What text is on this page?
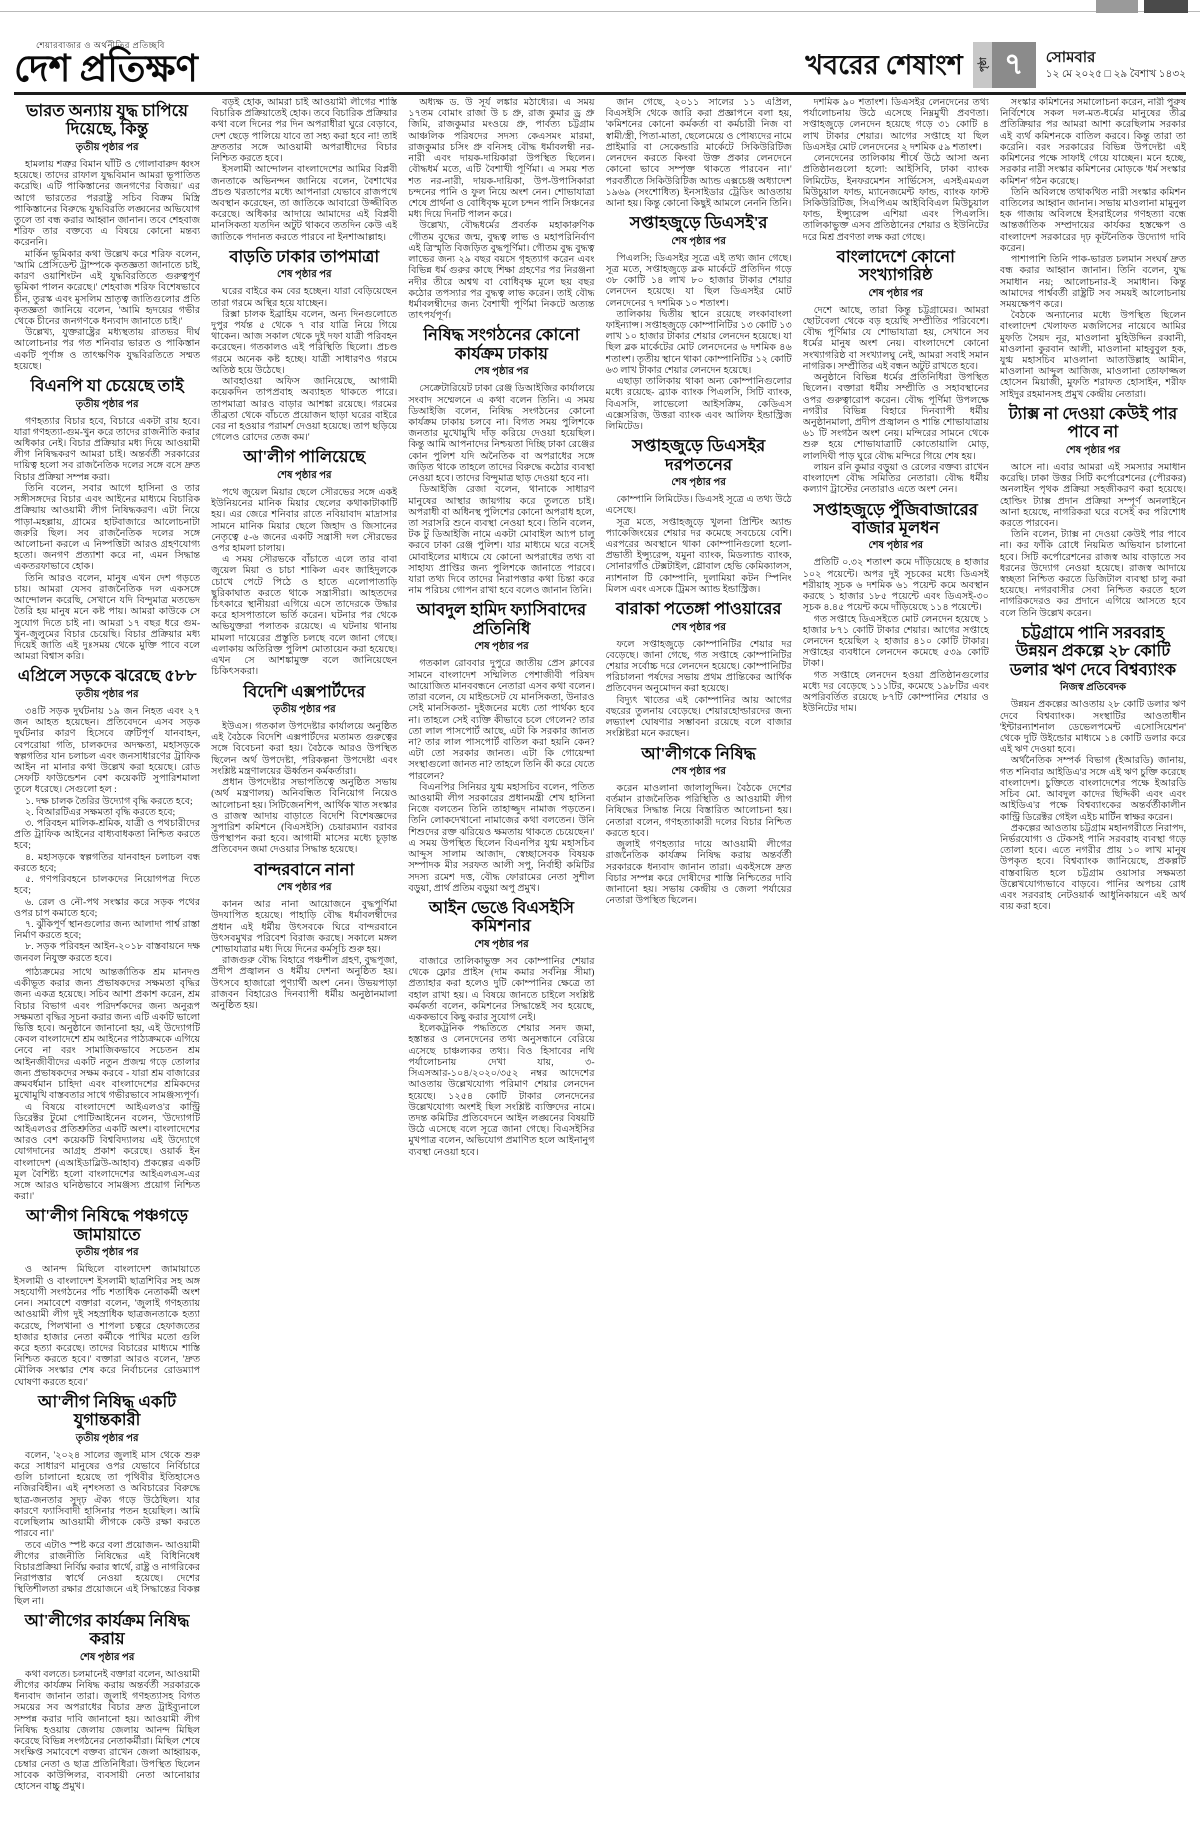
শেয়ারবাজার ও অর্থনীতির প্রতিচ্ছবি
দেশ প্রতিক্ষণ	খবরের শেষাংশ	পৃষ্ঠা ৭	সোমবার
১২ মে ২০২৫ □ ২৯ বৈশাখ ১৪৩২
ভারত অন্যায় যুদ্ধ চাপিয়ে দিয়েছে, কিন্তু
তৃতীয় পৃষ্ঠার পর

হামলায় শত্রুর বিমান ঘাঁটি ও গোলাবারুদ ধ্বংস হয়েছে। তাদের রাফাল যুদ্ধবিমান আমরা ভূপাতিত করেছি। এটি পাকিস্তানের জনগণের বিজয়।' এর আগে ভারতের পররাষ্ট্র সচিব বিক্রম মিস্ত্রি পাকিস্তানের বিরুদ্ধে যুদ্ধবিরতি লঙ্ঘনের অভিযোগ তুলে তা বন্ধ করার আহ্বান জানান। তবে শেহবাজ শরিফ তার বক্তব্যে এ বিষয়ে কোনো মন্তব্য করেননি।

মার্কিন ভূমিকার কথা উল্লেখ করে শরিফ বলেন, 'আমি প্রেসিডেন্ট ট্রাম্পকে কৃতজ্ঞতা জানাতে চাই, কারণ ওয়াশিংটন এই যুদ্ধবিরতিতে গুরুত্বপূর্ণ ভূমিকা পালন করেছে।' শেহবাজ শরিফ বিশেষভাবে চীন, তুরস্ক এবং মুসলিম ভ্রাতৃত্ব জাতিগুলোর প্রতি কৃতজ্ঞতা জানিয়ে বলেন, 'আমি হৃদয়ের গভীর থেকে চীনের জনগণকে ধন্যবাদ জানাতে চাই।'

উল্লেখ্য, যুক্তরাষ্ট্রের মধ্যস্থতায় রাতভর দীর্ঘ আলোচনার পর গত শনিবার ভারত ও পাকিস্তান একটি পূর্ণাঙ্গ ও তাৎক্ষণিক যুদ্ধবিরতিতে সম্মত হয়েছে।

বিএনপি যা চেয়েছে তাই
তৃতীয় পৃষ্ঠার পর

গণহত্যার বিচার হবে, বিচারে একটা রায় হবে। যারা গণহত্যা-গুম-খুন করে তাদের রাজনীতি করার অধিকার নেই। বিচার প্রক্রিয়ার মধ্য দিয়ে আওয়ামী লীগ নিষিদ্ধকরণ আমরা চাই। অন্তর্বর্তী সরকারের দায়িত্ব হলো সব রাজনৈতিক দলের সঙ্গে বসে দ্রুত বিচার প্রক্রিয়া সম্পন্ন করা।

তিনি বলেন, সবার আগে হাসিনা ও তার সঙ্গীসঙ্গদের বিচার এবং আইনের মাধ্যমে বিচারিক প্রক্রিয়ায় আওয়ামী লীগ নিষিদ্ধকরণ। এটা নিয়ে পাড়া-মহল্লায়, গ্রামের হাটবাজারে আলোচনাটা জরুরি ছিল। সব রাজনৈতিক দলের সঙ্গে আলোচনা করলে এ নিষ্পত্তিটা আরও গ্রহণযোগ্য হতো। জনগণ প্রত্যাশা করে না, এমন সিদ্ধান্ত একতরফাভাবে হোক।

তিনি আরও বলেন, মানুষ এখন দেশ গড়তে চায়। আমরা যেসব রাজনৈতিক দল একসঙ্গে আন্দোলন করেছি, সেখানে যদি বিন্দুমাত্র মতভেদ তৈরি হয় মানুষ মনে কষ্ট পায়। আমরা কাউকে সে সুযোগ দিতে চাই না। আমরা ১৭ বছর ধরে গুম-খুন-জুলুমের বিচার চেয়েছি। বিচার প্রক্রিয়ার মধ্য দিয়েই জাতি এই দুঃসময় থেকে মুক্তি পাবে বলে আমরা বিশ্বাস করি।

এপ্রিলে সড়কে ঝরেছে ৫৮৮
তৃতীয় পৃষ্ঠার পর

৩৪টি সড়ক দুর্ঘটনায় ১৯ জন নিহত এবং ২৭ জন আহত হয়েছেন। প্রতিবেদনে এসব সড়ক দুর্ঘটনার কারণ হিসেবে ত্রুটিপূর্ণ যানবাহন, বেপরোয়া গতি, চালকদের অদক্ষতা, মহাসড়কে স্বল্পগতির যান চলাচল এবং জনসাধারণের ট্রাফিক আইন না মানার কথা উল্লেখ করা হয়েছে। রোড সেফটি ফাউন্ডেশন বেশ কয়েকটি সুপারিশমালা তুলে ধরেছে। সেগুলো হল :

১. দক্ষ চালক তৈরির উদ্যোগ বৃদ্ধি করতে হবে;

২. বিআরটিএর সক্ষমতা বৃদ্ধি করতে হবে;

৩. পরিবহন মালিক-শ্রমিক, যাত্রী ও পথচারীদের প্রতি ট্রাফিক আইনের বাধ্যবাধকতা নিশ্চিত করতে হবে;

৪. মহাসড়কে স্বল্পগতির যানবাহন চলাচল বন্ধ করতে হবে;

৫. গণপরিবহনে চালকদের নিয়োগপত্র দিতে হবে;

৬. রেল ও নৌ-পথ সংস্কার করে সড়ক পথের ওপর চাপ কমাতে হবে;

৭. ঝুঁকিপূর্ণ স্থানগুলোর জন্য আলাদা পার্শ্ব রাস্তা নির্মাণ করতে হবে;

৮. সড়ক পরিবহন আইন-২০১৮ বাস্তবায়নে দক্ষ জনবল নিযুক্ত করতে হবে।

পাঠ্যক্রমের সাথে আন্তর্জাতিক শ্রম মানদণ্ড একীভূত করার জন্য প্রভাষকদের সক্ষমতা বৃদ্ধির জন্য একত্র হয়েছে। সচিব আশা প্রকাশ করেন, শ্রম বিচার বিভাগ এবং পরিদর্শকদের জন্য অনুরূপ সক্ষমতা বৃদ্ধির সূচনা করার জন্য এটি একটি ভালো ভিত্তি হবে। অনুষ্ঠানে জানানো হয়, এই উদ্যোগটি কেবল বাংলাদেশে শ্রম আইনের পাঠ্যক্রমকে এগিয়ে নেবে না বরং সামাজিকভাবে সচেতন শ্রম আইনজীবীদের একটি নতুন প্রজন্ম গড়ে তোলার জন্য প্রভাষকদের সক্ষম করবে - যারা শ্রম বাজারের ক্রমবর্ধমান চাহিদা এবং বাংলাদেশের শ্রমিকদের মুখোমুখি বাস্তবতার সাথে গভীরভাবে সামঞ্জস্যপূর্ণ।

এ বিষয়ে বাংলাদেশে আইএলও'র কান্ট্রি ডিরেক্টর টুমো পোটিআইনেন বলেন, 'উদ্যোগটি আইএলওর প্রতিশ্রুতির একটি অংশ। বাংলাদেশের আরও বেশ কয়েকটি বিশ্ববিদ্যালয় এই উদ্যোগে যোগদানের আগ্রহ প্রকাশ করেছে। ওয়ার্ক ইন বাংলাদেশ (এআইডাব্লিউ-আহাব) প্রকল্পের একটি মূল বৈশিষ্ট্য হলো বাংলাদেশের আইএলএস-এর সঙ্গে আরও ঘনিষ্ঠভাবে সামঞ্জস্য প্রয়োগ নিশ্চিত করা।'

আ'লীগ নিষিদ্ধে পঞ্চগড়ে জামায়াতে
তৃতীয় পৃষ্ঠার পর

ও আনন্দ মিছিলে বাংলাদেশ জামায়াতে ইসলামী ও বাংলাদেশ ইসলামী ছাত্রশিবির সহ অঙ্গ সহযোগী সংগঠনের পাঁচ শতাধিক নেতাকর্মী অংশ নেন। সমাবেশে বক্তারা বলেন, 'জুলাই গণহত্যায় আওয়ামী লীগ দুই সহস্রাধিক ছাত্রজনতাকে হত্যা করেছে, পিলখানা ও শাপলা চত্বরে হেফাজতের হাজার হাজার নেতা কর্মীকে পাখির মতো গুলি করে হত্যা করেছে। তাদের বিচারের মাধ্যমে শাস্তি নিশ্চিত করতে হবে।' বক্তারা আরও বলেন, 'দ্রুত মৌলিক সংস্কার শেষ করে নির্বাচনের রোডম্যাপ ঘোষণা করতে হবে।'

আ'লীগ নিষিদ্ধ একটি যুগান্তকারী
তৃতীয় পৃষ্ঠার পর

বলেন, '২০২৪ সালের জুলাই মাস থেকে শুরু করে সাধারণ মানুষের ওপর যেভাবে নির্বিচারে গুলি চালানো হয়েছে তা পৃথিবীর ইতিহাসেও নজিরবিহীন। এই নৃশংসতা ও অবিচারের বিরুদ্ধে ছাত্র-জনতার সুদৃঢ় ঐক্য গড়ে উঠেছিল। যার কারণে ফ্যাসিবাদী হাসিনার পতন হয়েছিল। আমি বলেছিলাম আওয়ামী লীগকে কেউ রক্ষা করতে পারবে না।'

তবে এটাও স্পষ্ট করে বলা প্রয়োজন- আওয়ামী লীগের রাজনীতি নিষিদ্ধের এই বিধিনিষেধ বিচারপ্রক্রিয়া নির্বিঘ্ন করার স্বার্থে, রাষ্ট্র ও নাগরিকের নিরাপত্তার স্বার্থে নেওয়া হয়েছে। দেশের স্থিতিশীলতা রক্ষার প্রয়োজনে এই সিদ্ধান্তের বিকল্প ছিল না।

আ'লীগের কার্যক্রম নিষিদ্ধ করায়
শেষ পৃষ্ঠার পর

কথা বলতে। চলমানেই বক্তারা বলেন, আওয়ামী লীগের কার্যক্রম নিষিদ্ধ করায় অন্তর্বর্তী সরকারকে ধন্যবাদ জানান তারা। জুলাই গণহত্যাসহ বিগত সময়ের সব অপরাধের বিচার দ্রুত ট্রাইব্যুনালে সম্পন্ন করার দাবি জানানো হয়। আওয়ামী লীগ নিষিদ্ধ হওয়ায় জেলায় জেলায় আনন্দ মিছিল করেছে বিভিন্ন সংগঠনের নেতাকর্মীরা। মিছিল শেষে সংক্ষিপ্ত সমাবেশে বক্তব্য রাখেন জেলা আহ্বায়ক, চেম্বার নেতা ও ছাত্র প্রতিনিধিরা। উপস্থিত ছিলেন সাবেক কাউন্সিলর, ব্যবসায়ী নেতা আনোয়ার হোসেন বাচ্চু প্রমুখ।

বড়ই হোক, আমরা চাই আওয়ামী লীগের শাস্তি বিচারিক প্রক্রিয়াতেই হোক। তবে বিচারিক প্রক্রিয়ার কথা বলে দিনের পর দিন অপরাধীরা ঘুরে বেড়াবে, দেশ ছেড়ে পালিয়ে যাবে তা সহ্য করা হবে না! তাই দ্রুততার সঙ্গে আওয়ামী অপরাধীদের বিচার নিশ্চিত করতে হবে।

ইসলামী আন্দোলন বাংলাদেশের আমির বিপ্লবী জনতাকে অভিনন্দন জানিয়ে বলেন, বৈশাখের প্রচণ্ড খরতাপের মধ্যে আপনারা যেভাবে রাজপথে অবস্থান করেছেন, তা জাতিকে আবারো উজ্জীবিত করেছে। অধিকার আদায়ে আমাদের এই বিপ্লবী মানসিকতা যতদিন অটুট থাকবে ততদিন কেউ এই জাতিকে পদানত করতে পারবে না ইনশাআল্লাহ।

বাড়তি ঢাকার তাপমাত্রা
শেষ পৃষ্ঠার পর

ঘরের বাইরে কম বের হচ্ছেন। যারা বেড়িয়েছেন তারা গরমে অস্থির হয়ে যাচ্ছেন।

রিক্সা চালক ইব্রাহিম বলেন, অন্য দিনগুলোতে দুপুর পর্যন্ত ৫ থেকে ৭ বার যাত্রি নিয়ে গিয়ে থাকেন। আজ সকাল থেকে দুই দফা যাত্রী পরিবহন করেছেন। গতকালও এই পরিস্থিতি ছিলো। প্রচণ্ড গরমে অনেক কষ্ট হচ্ছে। যাত্রী সাধারণও গরমে অতিষ্ঠ হয়ে উঠেছে।

আবহাওয়া অফিস জানিয়েছে, আগামী কয়েকদিন তাপপ্রবাহ অব্যাহত থাকতে পারে। তাপমাত্রা আরও বাড়ার আশঙ্কা রয়েছে। গরমের তীব্রতা থেকে বাঁচতে প্রয়োজন ছাড়া ঘরের বাইরে বের না হওয়ার পরামর্শ দেওয়া হয়েছে। তাপ ছড়িয়ে গেলেও রোদের তেজ কম।'

আ'লীগ পালিয়েছে
শেষ পৃষ্ঠার পর

পথে জুয়েল মিয়ার ছেলে সৌরভের সঙ্গে একই ইউনিয়নের মানিক মিয়ার ছেলের কথাকাটাকাটি হয়। এর জেরে শনিবার রাতে নবিয়াবাদ মাদ্রাসার সামনে মানিক মিয়ার ছেলে জিহাদ ও জিসানের নেতৃত্বে ৫-৬ জনের একটি সন্ত্রাসী দল সৌরভের ওপর হামলা চালায়।

এ সময় সৌরভকে বাঁচাতে এলে তার বাবা জুয়েল মিয়া ও চাচা শাকিল এবং জাহিদুলকে চোখে পেটে পিঠে ও হাতে এলোপাতাড়ি ছুরিকাঘাত করতে থাকে সন্ত্রাসীরা। আহতদের চিৎকারে স্থানীয়রা এগিয়ে এসে তাদেরকে উদ্ধার করে হাসপাতালে ভর্তি করেন। ঘটনার পর থেকে অভিযুক্তরা পলাতক রয়েছে। এ ঘটনায় থানায় মামলা দায়েরের প্রস্তুতি চলছে বলে জানা গেছে। এলাকায় অতিরিক্ত পুলিশ মোতায়েন করা হয়েছে। এখন সে আশঙ্কামুক্ত বলে জানিয়েছেন চিকিৎসকরা।

বিদেশি এক্সপার্টদের
তৃতীয় পৃষ্ঠার পর

ইউএস। গতকাল উপদেষ্টার কার্যালয়ে অনুষ্ঠিত এই বৈঠকে বিদেশি এক্সপার্টদের মতামত গুরুত্বের সঙ্গে বিবেচনা করা হয়। বৈঠকে আরও উপস্থিত ছিলেন অর্থ উপদেষ্টা, পরিকল্পনা উপদেষ্টা এবং সংশ্লিষ্ট মন্ত্রণালয়ের ঊর্ধ্বতন কর্মকর্তারা।

প্রধান উপদেষ্টার সভাপতিত্বে অনুষ্ঠিত সভায় (অর্থ মন্ত্রণালয়) অনিবন্ধিত বিনিয়োগ নিয়েও আলোচনা হয়। সিটিজেনশিপ, আর্থিক খাত সংস্কার ও রাজস্ব আদায় বাড়াতে বিদেশি বিশেষজ্ঞদের সুপারিশ কমিশনে (বিএসইসি) চেয়ারম্যান বরাবর উপস্থাপন করা হবে। আগামী মাসের মধ্যে চূড়ান্ত প্রতিবেদন জমা দেওয়ার সিদ্ধান্ত হয়েছে।

বান্দরবানে নানা
শেষ পৃষ্ঠার পর

কানন আর নানা আয়োজনে বুদ্ধপূর্ণিমা উদযাপিত হয়েছে। পাহাড়ি বৌদ্ধ ধর্মাবলম্বীদের প্রধান এই ধর্মীয় উৎসবকে ঘিরে বান্দরবানে উৎসবমুখর পরিবেশ বিরাজ করছে। সকালে মঙ্গল শোভাযাত্রার মধ্য দিয়ে দিনের কর্মসূচি শুরু হয়।

রাজগুরু বৌদ্ধ বিহারে পঞ্চশীল গ্রহণ, বুদ্ধপূজা, প্রদীপ প্রজ্বালন ও ধর্মীয় দেশনা অনুষ্ঠিত হয়। উৎসবে হাজারো পুণ্যার্থী অংশ নেন। উভয়পাড়া রাজবন বিহারেও দিনব্যাপী ধর্মীয় অনুষ্ঠানমালা অনুষ্ঠিত হয়।

অধ্যক্ষ ড. উ সূর্য লঙ্কার মঠাধ্যের। এ সময় ১৭তম বোমাং রাজা উ চ প্রু, রাজ কুমার ড্র প্রু জিমি, রাজকুমার মংওয়ে প্রু, পার্বত্য চট্টগ্রাম আঞ্চলিক পরিষদের সদস্য কেএসমং মারমা, রাজকুমার চসিং প্রু বনিসহ বৌদ্ধ ধর্মাবলম্বী নর-নারী এবং দায়ক-দায়িকারা উপস্থিত ছিলেন। বৌদ্ধধর্ম মতে, এটি বৈশাখী পূর্ণিমা। এ সময় শত শত নর-নারী, দায়ক-দায়িকা, উপ-উপাসিকারা চন্দনের পানি ও ফুল নিয়ে অংশ নেন। শোভাযাত্রা শেষে প্রার্থনা ও বোধিবৃক্ষ মূলে চন্দন পানি সিঞ্চনের মধ্য দিয়ে দিনটি পালন করে।

উল্লেখ্য, বৌদ্ধধর্মের প্রবর্তক মহাকারুণিক গৌতম বুদ্ধের জন্ম, বুদ্ধত্ব লাভ ও মহাপরিনির্বাণ এই ত্রিস্মৃতি বিজড়িত বুদ্ধপূর্ণিমা। গৌতম বুদ্ধ বুদ্ধত্ব লাভের জন্য ২৯ বছর বয়সে গৃহত্যাগ করেন এবং বিভিন্ন ধর্ম গুরুর কাছে শিক্ষা গ্রহণের পর নিরঞ্জনা নদীর তীরে অশ্বথ বা বোধিবৃক্ষ মূলে ছয় বছর কঠোর তপস্যার পর বুদ্ধত্ব লাভ করেন। তাই বৌদ্ধ ধর্মাবলম্বীদের জন্য বৈশাখী পূর্ণিমা নিকটে অত্যন্ত তাৎপর্যপূর্ণ।

নিষিদ্ধ সংগঠনের কোনো কার্যক্রম ঢাকায়
শেষ পৃষ্ঠার পর

সেক্রেটারিয়েট ঢাকা রেঞ্জ ডিআইজির কার্যালয়ে সংবাদ সম্মেলনে এ কথা বলেন তিনি। এ সময় ডিআইজি বলেন, নিষিদ্ধ সংগঠনের কোনো কার্যক্রম ঢাকায় চলবে না। বিগত সময় পুলিশকে জনতার মুখোমুখি দাঁড় করিয়ে দেওয়া হয়েছিল। কিন্তু আমি আপনাদের নিশ্চয়তা দিচ্ছি ঢাকা রেঞ্জের কোন পুলিশ যদি অনৈতিক বা অপরাধের সঙ্গে জড়িত থাকে তাহলে তাদের বিরুদ্ধে কঠোর ব্যবস্থা নেওয়া হবে। তাদের বিন্দুমাত্র ছাড় দেওয়া হবে না।

ডিআইজি রেজা বলেন, থানাকে সাধারণ মানুষের আস্থার জায়গায় করে তুলতে চাই। অপরাধী বা অধিনস্থ পুলিশের কোনো অপরাধ হলে, তা সরাসরি শুনে ব্যবস্থা নেওয়া হবে। তিনি বলেন, টক টু ডিআইজি নামে একটা মোবাইল আ্যপ চালু করবে ঢাকা রেঞ্জ পুলিশ। যার মাধ্যমে ঘরে বসেই মোবাইলের মাধ্যমে যে কোনো অপরাধের তথ্য বা সাহায্য প্রাপ্তির জন্য পুলিশকে জানাতে পারবে। যারা তথ্য দিবে তাদের নিরাপত্তার কথা চিন্তা করে নাম পরিচয় গোপন রাখা হবে বলেও জানান তিনি।

আবদুল হামিদ ফ্যাসিবাদের প্রতিনিধি
শেষ পৃষ্ঠার পর

গতকাল রোববার দুপুরে জাতীয় প্রেস ক্লাবের সামনে বাংলাদেশ সম্মিলিত পেশাজীবী পরিষদ আয়োজিত মানববন্ধনে নেতারা এসব কথা বলেন। তারা বলেন, যে মাইন্ডসেট যে মানসিকতা, উনারও সেই মানসিকতা- দুইজনের মধ্যে তো পার্থক্য হবে না। তাহলে সেই ব্যক্তি কীভাবে চলে গেলেন? তার তো লাল পাসপোর্ট আছে, এটা কি সরকার জানত না? তার লাল পাসপোর্ট বাতিল করা হয়নি কেন? এটা তো সরকার জানত। এটা কি গোয়েন্দা সংস্থাগুলো জানত না? তাহলে তিনি কী করে যেতে পারলেন?

বিএনপির সিনিয়র যুগ্ম মহাসচিব বলেন, পতিত আওয়ামী লীগ সরকারের প্রধানমন্ত্রী শেখ হাসিনা নিজে বলতেন তিনি তাহাজ্জুদ নামাজ পড়তেন। তিনি লোকদেখানো নামাজের কথা বলতেন। উনি শিশুদের রক্ত ঝরিয়েও ক্ষমতায় থাকতে চেয়েছেন।' এ সময় উপস্থিত ছিলেন বিএনপির যুগ্ম মহাসচিব আব্দুস সালাম আজাদ, স্বেচ্ছাসেবক বিষয়ক সম্পাদক মীর সরফত আলী সপু, নির্বাহী কমিটির সদস্য রমেশ দত্ত, বৌদ্ধ ফোরামের নেতা সুশীল বড়ুয়া, প্রার্থ প্রতিম বড়ুয়া অপু প্রমুখ।

আইন ভেঙে বিএসইসি কমিশনার
শেষ পৃষ্ঠার পর

বাজারে তালিকাভুক্ত সব কোম্পানির শেয়ার থেকে ফ্লোর প্রাইস (দাম কমার সর্বনিম্ন সীমা) প্রত্যাহার করা হলেও দুটি কোম্পানির ক্ষেত্রে তা বহাল রাখা হয়। এ বিষয়ে জানতে চাইলে সংশ্লিষ্ট কর্মকর্তা বলেন, কমিশনের সিদ্ধান্তেই সব হয়েছে, এককভাবে কিছু করার সুযোগ নেই।

ইলেকট্রনিক পদ্ধতিতে শেয়ার সনদ জমা, হস্তান্তর ও লেনদেনের তথ্য অনুসন্ধানে বেরিয়ে এসেছে চাঞ্চল্যকর তথ্য। বিও হিসাবের নথি পর্যালোচনায় দেখা যায়, ৩-সিএসআর-১০৪/২০২০/৩৫২ নম্বর আদেশের আওতায় উল্লেখযোগ্য পরিমাণ শেয়ার লেনদেন হয়েছে। ১২৫৪ কোটি টাকার লেনদেনের উল্লেখযোগ্য অংশই ছিল সংশ্লিষ্ট ব্যক্তিদের নামে। তদন্ত কমিটির প্রতিবেদনে আইন লঙ্ঘনের বিষয়টি উঠে এসেছে বলে সূত্রে জানা গেছে। বিএসইসির মুখপাত্র বলেন, অভিযোগ প্রমাণিত হলে আইনানুগ ব্যবস্থা নেওয়া হবে।

জান গেছে, ২০১১ সালের ১১ এপ্রিল, বিএসইসি থেকে জারি করা প্রজ্ঞাপনে বলা হয়, 'কমিশনের কোনো কর্মকর্তা বা কর্মচারী নিজ বা স্বামী/স্ত্রী, পিতা-মাতা, ছেলেমেয়ে ও পোষ্যদের নামে প্রাইমারি বা সেকেন্ডারি মার্কেটে সিকিউরিটিজ লেনদেন করতে কিংবা উক্ত প্রকার লেনদেনে কোনো ভাবে সম্পৃক্ত থাকতে পারবেন না।' পরবর্তীতে সিকিউরিটিজ আ্যন্ড এক্সচেঞ্জ অধ্যাদেশ ১৯৬৯ (সংশোধিত) ইনসাইডার ট্রেডিং আওতায় আনা হয়। কিন্তু কোনো কিছুই আমলে নেননি তিনি।

সপ্তাহজুড়ে ডিএসই'র
শেষ পৃষ্ঠার পর

পিএলসি; ডিএসইর সূত্রে এই তথ্য জান গেছে। সূত্র মতে, সপ্তাহজুড়ে ব্লক মার্কেটে প্রতিদিন গড়ে ৩৮ কোটি ১৪ লাখ ৮০ হাজার টাকার শেয়ার লেনদেন হয়েছে। যা ছিল ডিএসইর মোট লেনদেনের ৭ দশমিক ১০ শতাংশ।

তালিকায় দ্বিতীয় স্থানে রয়েছে লংকাবাংলা ফাইন্যান্স। সপ্তাহজুড়ে কোম্পানিটির ১৩ কোটি ১৩ লাখ ১০ হাজার টাকার শেয়ার লেনদেন হয়েছে। যা ছিল ব্লক মার্কেটের মোট লেনদেনের ৬ দশমিক ৪৬ শতাংশ। তৃতীয় স্থানে থাকা কোম্পানিটির ১২ কোটি ৬৩ লাখ টাকার শেয়ার লেনদেন হয়েছে।

এছাড়া তালিকায় থাকা অন্য কোম্পানিগুলোর মধ্যে রয়েছে- ব্র্যাক ব্যাংক পিএলসি, সিটি ব্যাংক, বিএসসি, লাভেলো আইসক্রিম, কেডিএস এক্সেসরিজ, উত্তরা ব্যাংক এবং আলিফ ইন্ডাস্ট্রিজ লিমিটেড।

সপ্তাহজুড়ে ডিএসইর দরপতনের
শেষ পৃষ্ঠার পর

কোম্পানি লিমিটেড। ডিএসই সূত্রে এ তথ্য উঠে এসেছে।

সূত্র মতে, সপ্তাহজুড়ে খুলনা প্রিন্টিং অ্যান্ড প্যাকেজিংয়ের শেয়ার দর কমেছে সবচেয়ে বেশি। এরপরের অবস্থানে থাকা কোম্পানিগুলো হলো- প্রভাতী ইন্স্যুরেন্স, যমুনা ব্যাংক, মিডল্যান্ড ব্যাংক, সোনারগাঁও টেক্সটাইল, গ্লোবাল হেভি কেমিক্যালস, ন্যাশনাল টি কোম্পানি, দুলামিয়া কটন স্পিনিং মিলস এবং এসকে ট্রিমস অ্যান্ড ইন্ডাস্ট্রিজ।

বারাকা পতেঙ্গা পাওয়ারের
শেষ পৃষ্ঠার পর

ফলে সপ্তাহজুড়ে কোম্পানিটির শেয়ার দর বেড়েছে। জানা গেছে, গত সপ্তাহে কোম্পানিটির শেয়ার সর্বোচ্চ দরে লেনদেন হয়েছে। কোম্পানিটির পরিচালনা পর্ষদের সভায় প্রথম প্রান্তিকের আর্থিক প্রতিবেদন অনুমোদন করা হয়েছে।

বিদ্যুৎ খাতের এই কোম্পানির আয় আগের বছরের তুলনায় বেড়েছে। শেয়ারহোল্ডারদের জন্য লভ্যাংশ ঘোষণার সম্ভাবনা রয়েছে বলে বাজার সংশ্লিষ্টরা মনে করছেন।

আ'লীগকে নিষিদ্ধ
শেষ পৃষ্ঠার পর

করেন মাওলানা জালালুদ্দিন। বৈঠকে দেশের বর্তমান রাজনৈতিক পরিস্থিতি ও আওয়ামী লীগ নিষিদ্ধের সিদ্ধান্ত নিয়ে বিস্তারিত আলোচনা হয়। নেতারা বলেন, গণহত্যাকারী দলের বিচার নিশ্চিত করতে হবে।

জুলাই গণহত্যার দায়ে আওয়ামী লীগের রাজনৈতিক কার্যক্রম নিষিদ্ধ করায় অন্তর্বর্তী সরকারকে ধন্যবাদ জানান তারা। একইসঙ্গে দ্রুত বিচার সম্পন্ন করে দোষীদের শাস্তি নিশ্চিতের দাবি জানানো হয়। সভায় কেন্দ্রীয় ও জেলা পর্যায়ের নেতারা উপস্থিত ছিলেন।

দশমিক ৯০ শতাংশ। ডিএসইর লেনদেনের তথ্য পর্যালোচনায় উঠে এসেছে নিম্নমুখী প্রবণতা। সপ্তাহজুড়ে লেনদেন হয়েছে গড়ে ৩১ কোটি ৪ লাখ টাকার শেয়ার। আগের সপ্তাহে যা ছিল ডিএসইর মোট লেনদেনের ২ দশমিক ৫৯ শতাংশ।

লেনদেনের তালিকায় শীর্ষে উঠে আসা অন্য প্রতিষ্ঠানগুলো হলো: আইসিবি, ঢাকা ব্যাংক লিমিটেড, ইনফরমেশন সার্ভিসেস, এসইএমএল মিউচুয়াল ফান্ড, ম্যানেজমেন্ট ফান্ড, ব্যাংক ফাস্ট সিকিউরিটিজ, সিএপিএম আইবিবিএল মিউচুয়াল ফান্ড, ইন্স্যুরেন্স এশিয়া এবং পিএলসি। তালিকাভুক্ত এসব প্রতিষ্ঠানের শেয়ার ও ইউনিটের দরে মিশ্র প্রবণতা লক্ষ করা গেছে।

বাংলাদেশে কোনো সংখ্যাগরিষ্ঠ
শেষ পৃষ্ঠার পর

দেশে আছে, তারা কিন্তু চট্টগ্রামের। আমরা ছোটবেলা থেকে বড় হয়েছি সম্প্রীতির পরিবেশে। বৌদ্ধ পূর্ণিমার যে শোভাযাত্রা হয়, সেখানে সব ধর্মের মানুষ অংশ নেয়। বাংলাদেশে কোনো সংখ্যাগরিষ্ঠ বা সংখ্যালঘু নেই, আমরা সবাই সমান নাগরিক। সম্প্রীতির এই বন্ধন অটুট রাখতে হবে।

অনুষ্ঠানে বিভিন্ন ধর্মের প্রতিনিধিরা উপস্থিত ছিলেন। বক্তারা ধর্মীয় সম্প্রীতি ও সহাবস্থানের ওপর গুরুত্বারোপ করেন। বৌদ্ধ পূর্ণিমা উপলক্ষে নগরীর বিভিন্ন বিহারে দিনব্যাপী ধর্মীয় অনুষ্ঠানমালা, প্রদীপ প্রজ্বালন ও শান্তি শোভাযাত্রায় ৬১ টি সংগঠন অংশ নেয়। মন্দিরের সামনে থেকে শুরু হয়ে শোভাযাত্রাটি কোতোয়ালি মোড়, লালদিঘী পাড় ঘুরে বৌদ্ধ মন্দিরে গিয়ে শেষ হয়।

লায়ন রনি কুমার বড়ুয়া ও রেলের বক্তব্য রাখেন বাংলাদেশ বৌদ্ধ সমিতির নেতারা। বৌদ্ধ ধর্মীয় কল্যাণ ট্রাস্টের নেতারাও এতে অংশ নেন।

সপ্তাহজুড়ে পুঁজিবাজারের বাজার মূলধন
শেষ পৃষ্ঠার পর

প্রতিটি ০.৩২ শতাংশ কমে দাঁড়িয়েছে ৪ হাজার ১০২ পয়েন্টে। অপর দুই সূচকের মধ্যে ডিএসই শরীয়াহ সূচক ৬ দশমিক ৬১ পয়েন্ট কমে অবস্থান করছে ১ হাজার ১৮৫ পয়েন্টে এবং ডিএসই-৩০ সূচক ৪.৪৫ পয়েন্ট কমে দাঁড়িয়েছে ১১৪ পয়েন্টে।

গত সপ্তাহে ডিএসইতে মোট লেনদেন হয়েছে ১ হাজার ৮৭১ কোটি টাকার শেয়ার। আগের সপ্তাহে লেনদেন হয়েছিল ২ হাজার ৪১০ কোটি টাকার। সপ্তাহের ব্যবধানে লেনদেন কমেছে ৫৩৯ কোটি টাকা।

গত সপ্তাহে লেনদেন হওয়া প্রতিষ্ঠানগুলোর মধ্যে দর বেড়েছে ১১১টির, কমেছে ১৯৮টির এবং অপরিবর্তিত রয়েছে ৮৭টি কোম্পানির শেয়ার ও ইউনিটের দাম।

সংস্কার কমিশনের সমালোচনা করেন, নারী পুরুষ নির্বিশেষে সকল দল-মত-ধর্মের মানুষের তীব্র প্রতিক্রিয়ার পর আমরা আশা করেছিলাম সরকার এই ব্যর্থ কমিশনকে বাতিল করবে। কিন্তু তারা তা করেনি। বরং সরকারের বিভিন্ন উপদেষ্টা এই কমিশনের পক্ষে সাফাই গেয়ে যাচ্ছেন। মনে হচ্ছে, সরকার নারী সংস্কার কমিশনের মোড়কে 'ধর্ম সংস্কার কমিশন' গঠন করেছে।

তিনি অবিলম্বে তথাকথিত নারী সংস্কার কমিশন বাতিলের আহ্বান জানান। সভায় মাওলানা মামুনুল হক গাজায় অবিলম্বে ইসরাইলের গণহত্যা বন্ধে আন্তর্জাতিক সম্প্রদায়ের কার্যকর হস্তক্ষেপ ও বাংলাদেশ সরকারের দৃঢ় কূটনৈতিক উদ্যোগ দাবি করেন।

পাশাপাশি তিনি পাক-ভারত চলমান সংঘর্ষ দ্রুত বন্ধ করার আহ্বান জানান। তিনি বলেন, যুদ্ধ সমাধান নয়; আলোচনার-ই সমাধান। কিন্তু আমাদের পার্শ্ববর্তী রাষ্ট্রটি সব সময়ই আলোচনায় সময়ক্ষেপণ করে।

বৈঠকে অন্যান্যের মধ্যে উপস্থিত ছিলেন বাংলাদেশ খেলাফত মজলিসের নায়েবে আমির মুফতি সৈয়দ নূর, মাওলানা মুহিউদ্দিন রব্বানী, মাওলানা কুরবান আলী, মাওলানা মাহবুবুল হক, যুগ্ম মহাসচিব মাওলানা আতাউল্লাহ আমীন, মাওলানা আব্দুল আজিজ, মাওলানা তোফাজ্জল হোসেন মিয়াজী, মুফতি শরাফত হোসাইন, শরীফ সাইদুর রহমানসহ প্রমুখ কেন্দ্রীয় নেতারা।

ট্যাক্স না দেওয়া কেউই পার পাবে না
শেষ পৃষ্ঠার পর

আসে না। এবার আমরা এই সমস্যার সমাধান করেছি। ঢাকা উত্তর সিটি কর্পোরেশনের (পৌরকর) অনলাইন পৃথক প্রক্রিয়া সহজীকরণ করা হয়েছে। হোল্ডিং ট্যাক্স প্রদান প্রক্রিয়া সম্পূর্ণ অনলাইনে আনা হয়েছে, নাগরিকরা ঘরে বসেই কর পরিশোধ করতে পারবেন।

তিনি বলেন, ট্যাক্স না দেওয়া কেউই পার পাবে না। কর ফাঁকি রোধে নিয়মিত অভিযান চালানো হবে। সিটি কর্পোরেশনের রাজস্ব আয় বাড়াতে সব ধরনের উদ্যোগ নেওয়া হয়েছে। রাজস্ব আদায়ে স্বচ্ছতা নিশ্চিত করতে ডিজিটাল ব্যবস্থা চালু করা হয়েছে। নগরবাসীর সেবা নিশ্চিত করতে হলে নাগরিকদেরও কর প্রদানে এগিয়ে আসতে হবে বলে তিনি উল্লেখ করেন।

চট্টগ্রামে পানি সরবরাহ উন্নয়ন প্রকল্পে ২৮ কোটি ডলার ঋণ দেবে বিশ্বব্যাংক
নিজস্ব প্রতিবেদক

উন্নয়ন প্রকল্পের আওতায় ২৮ কোটি ডলার ঋণ দেবে বিশ্বব্যাংক। সংস্থাটির আওতাধীন 'ইন্টারন্যাশনাল ডেভেলপমেন্ট এসোসিয়েশন' থেকে দুটি উইন্ডোর মাধ্যমে ১৪ কোটি ডলার করে এই ঋণ দেওয়া হবে।

অর্থনৈতিক সম্পর্ক বিভাগ (ইআরডি) জানায়, গত শনিবার আইডিএ'র সঙ্গে এই ঋণ চুক্তি করেছে বাংলাদেশ। চুক্তিতে বাংলাদেশের পক্ষে ইআরডি সচিব মো. আবদুল কাদের ছিদ্দিকী এবং এবং আইডিএ'র পক্ষে বিশ্বব্যাংকের অন্তর্বর্তীকালীন কান্ট্রি ডিরেক্টর গেইল এইচ মার্টিন স্বাক্ষর করেন।

প্রকল্পের আওতায় চট্টগ্রাম মহানগরীতে নিরাপদ, নির্ভরযোগ্য ও টেকসই পানি সরবরাহ ব্যবস্থা গড়ে তোলা হবে। এতে নগরীর প্রায় ১০ লাখ মানুষ উপকৃত হবে। বিশ্বব্যাংক জানিয়েছে, প্রকল্পটি বাস্তবায়িত হলে চট্টগ্রাম ওয়াসার সক্ষমতা উল্লেখযোগ্যভাবে বাড়বে। পানির অপচয় রোধ এবং সরবরাহ নেটওয়ার্ক আধুনিকায়নে এই অর্থ ব্যয় করা হবে।
